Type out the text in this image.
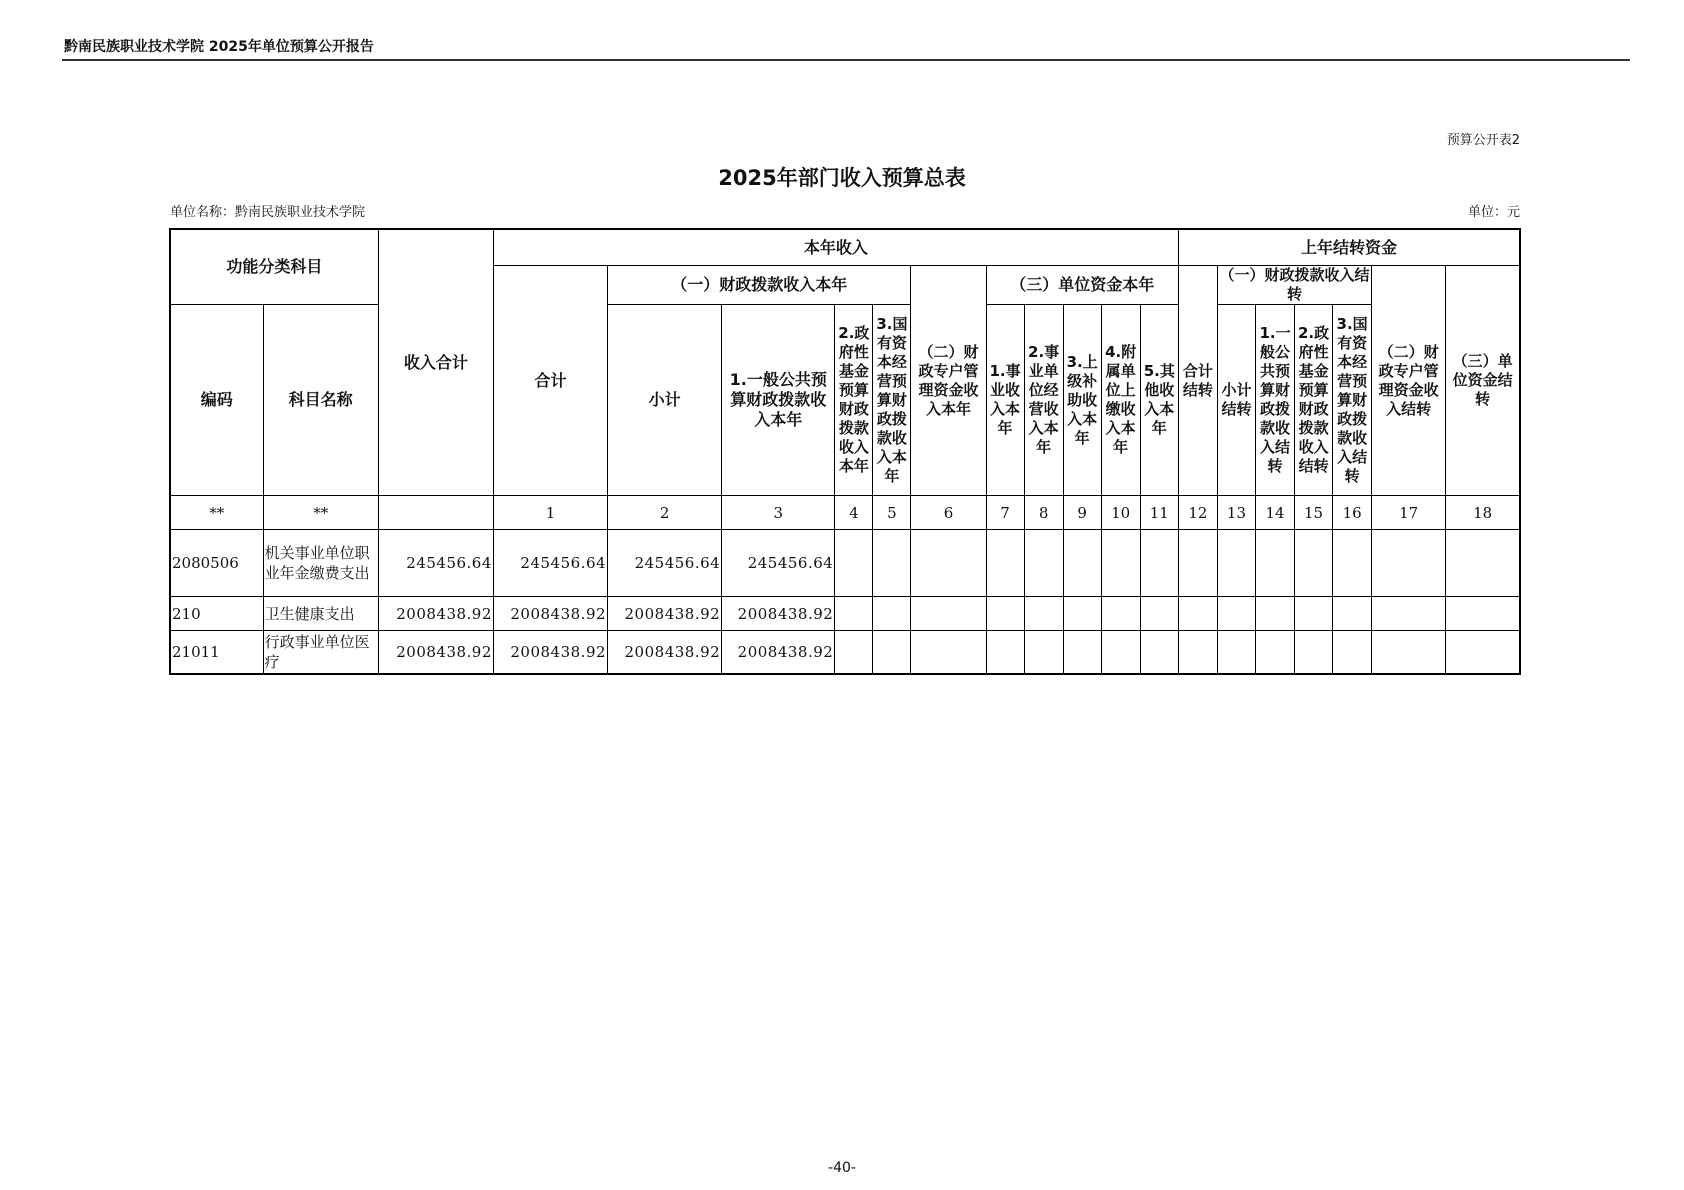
黔南民族职业技术学院 2025年单位预算公开报告
预算公开表2
2025年部门收入预算总表
单位名称：黔南民族职业技术学院	单位：元
功能分类科目		收入合计	本年收入											上年结转资金						
			合计	（一）财政拨款收入本年				（二）财政专户管理资金收入本年	（三）单位资金本年					合计结转	（一）财政拨款收入结转				（二）财政专户管理资金收入结转	（三）单位资金结转
编码	科目名称			小计	1.一般公共预算财政拨款收入本年	2.政府性基金预算财政拨款收入本年	3.国有资本经营预算财政拨款收入本年		1.事业收入本年	2.事业单位经营收入本年	3.上级补助收入本年	4.附属单位上缴收入本年	5.其他收入本年		小计结转	1.一般公共预算财政拨款收入结转	2.政府性基金预算财政拨款收入结转	3.国有资本经营预算财政拨款收入结转		
**	**		1	2	3	4	5	6	7	8	9	10	11	12	13	14	15	16	17	18
2080506	机关事业单位职业年金缴费支出	245456.64	245456.64	245456.64	245456.64															
210	卫生健康支出	2008438.92	2008438.92	2008438.92	2008438.92															
21011	行政事业单位医疗	2008438.92	2008438.92	2008438.92	2008438.92															
-40-
